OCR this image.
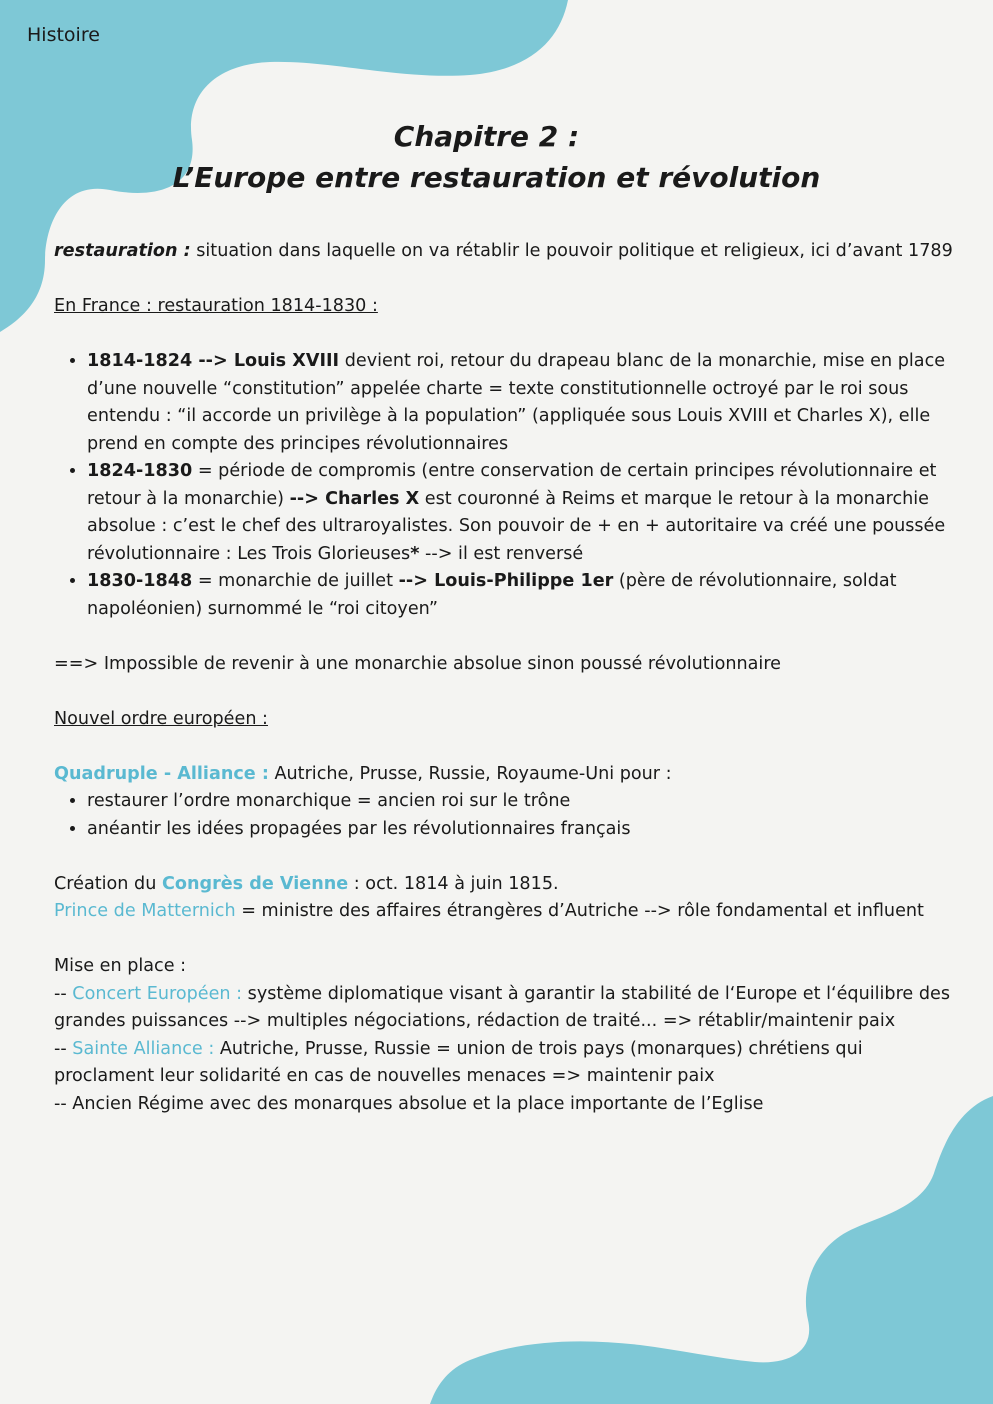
Histoire
Chapitre 2 :
L’Europe entre restauration et révolution

restauration : situation dans laquelle on va rétablir le pouvoir politique et religieux, ici d’avant 1789

En France : restauration 1814-1830 :

• 1814-1824 --> Louis XVIII devient roi, retour du drapeau blanc de la monarchie, mise en place d’une nouvelle “constitution” appelée charte = texte constitutionnelle octroyé par le roi sous entendu : “il accorde un privilège à la population” (appliquée sous Louis XVIII et Charles X), elle prend en compte des principes révolutionnaires
• 1824-1830 = période de compromis (entre conservation de certain principes révolutionnaire et retour à la monarchie) --> Charles X est couronné à Reims et marque le retour à la monarchie absolue : c’est le chef des ultraroyalistes. Son pouvoir de + en + autoritaire va créé une poussée révolutionnaire : Les Trois Glorieuses* --> il est renversé
• 1830-1848 = monarchie de juillet --> Louis-Philippe 1er (père de révolutionnaire, soldat napoléonien) surnommé le “roi citoyen”

==> Impossible de revenir à une monarchie absolue sinon poussé révolutionnaire

Nouvel ordre européen :

Quadruple - Alliance : Autriche, Prusse, Russie, Royaume-Uni pour :

• restaurer l’ordre monarchique = ancien roi sur le trône
• anéantir les idées propagées par les révolutionnaires français

Création du Congrès de Vienne : oct. 1814 à juin 1815.

Prince de Matternich = ministre des affaires étrangères d’Autriche --> rôle fondamental et influent

Mise en place :

-- Concert Européen : système diplomatique visant à garantir la stabilité de l‘Europe et l‘équilibre des grandes puissances --> multiples négociations, rédaction de traité... => rétablir/maintenir paix

-- Sainte Alliance : Autriche, Prusse, Russie = union de trois pays (monarques) chrétiens qui proclament leur solidarité en cas de nouvelles menaces => maintenir paix

-- Ancien Régime avec des monarques absolue et la place importante de l’Eglise
